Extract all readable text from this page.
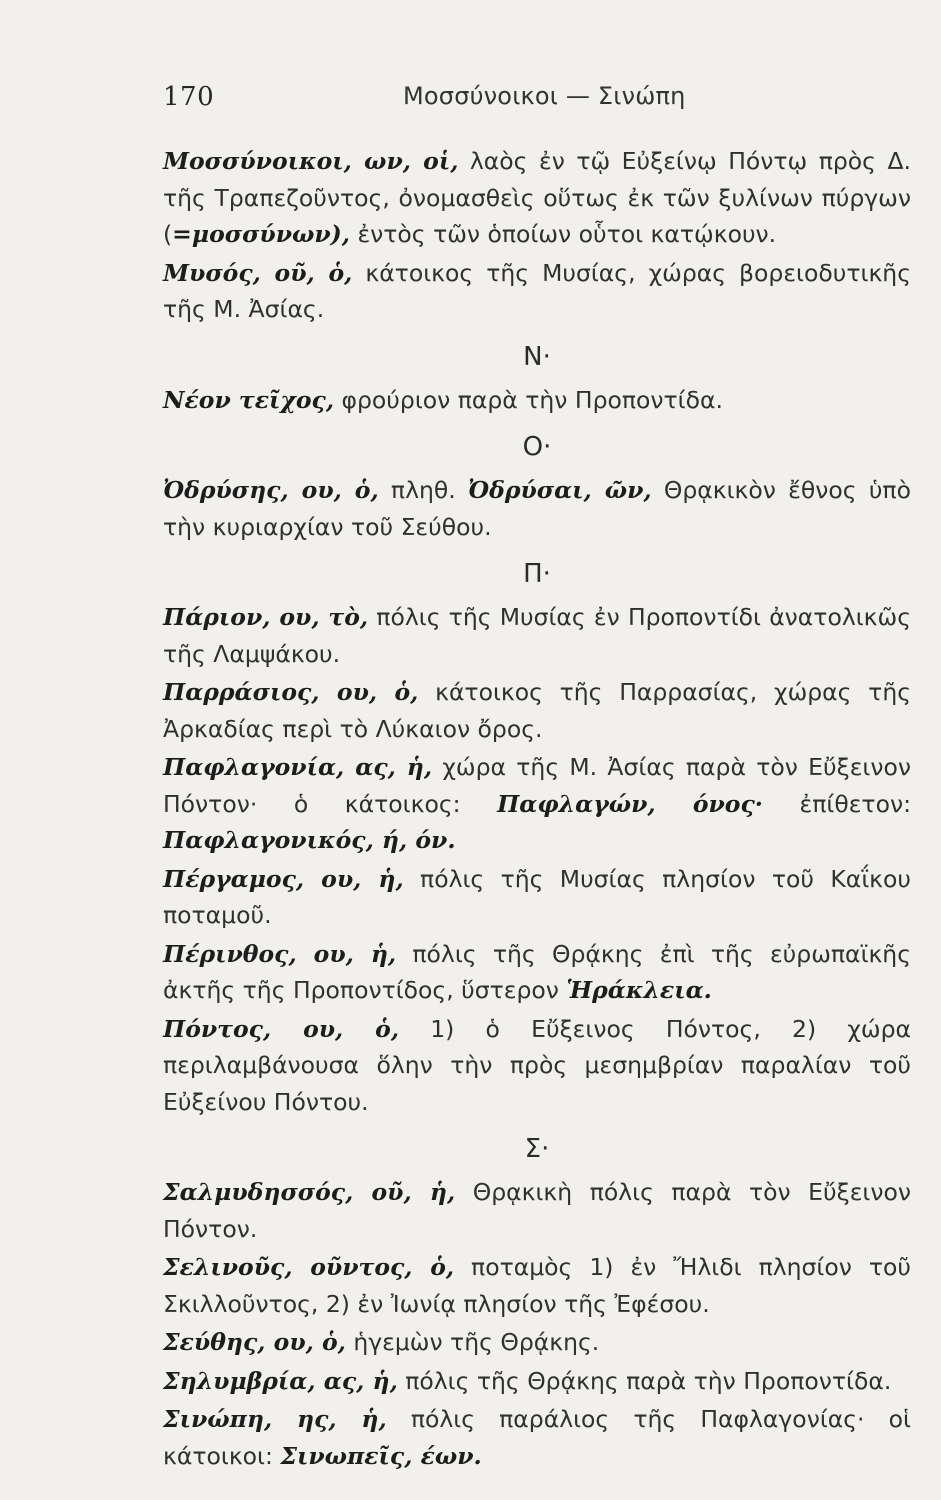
170	Μοσσύνοικοι — Σινώπη

Μοσσύνοικοι, ων, οἱ, λαὸς ἐν τῷ Εὐξείνῳ Πόντῳ πρὸς Δ. τῆς Τραπεζοῦντος, ὀνομασθεὶς οὕτως ἐκ τῶν ξυλίνων πύργων (=μοσσύνων), ἐντὸς τῶν ὁποίων οὗτοι κατῴκουν.

Μυσός, οῦ, ὁ, κάτοικος τῆς Μυσίας, χώρας βορειοδυτικῆς τῆς Μ. Ἀσίας.

Ν·

Νέον τεῖχος, φρούριον παρὰ τὴν Προποντίδα.

Ο·

Ὀδρύσης, ου, ὁ, πληθ. Ὀδρύσαι, ῶν, Θρᾳκικὸν ἔθνος ὑπὸ τὴν κυριαρχίαν τοῦ Σεύθου.

Π·

Πάριον, ου, τὸ, πόλις τῆς Μυσίας ἐν Προποντίδι ἀνατολικῶς τῆς Λαμψάκου.

Παρράσιος, ου, ὁ, κάτοικος τῆς Παρρασίας, χώρας τῆς Ἀρκαδίας περὶ τὸ Λύκαιον ὄρος.

Παφλαγονία, ας, ἡ, χώρα τῆς Μ. Ἀσίας παρὰ τὸν Εὔξεινον Πόντον· ὁ κάτοικος: Παφλαγών, όνος· ἐπίθετον: Παφλαγονικός, ή, όν.

Πέργαμος, ου, ἡ, πόλις τῆς Μυσίας πλησίον τοῦ Καΐκου ποταμοῦ.

Πέρινθος, ου, ἡ, πόλις τῆς Θρᾴκης ἐπὶ τῆς εὐρωπαϊκῆς ἀκτῆς τῆς Προποντίδος, ὕστερον Ἡράκλεια.

Πόντος, ου, ὁ, 1) ὁ Εὔξεινος Πόντος, 2) χώρα περιλαμβάνουσα ὅλην τὴν πρὸς μεσημβρίαν παραλίαν τοῦ Εὐξείνου Πόντου.

Σ·

Σαλμυδησσός, οῦ, ἡ, Θρᾳκικὴ πόλις παρὰ τὸν Εὔξεινον Πόντον.

Σελινοῦς, οῦντος, ὁ, ποταμὸς 1) ἐν Ἤλιδι πλησίον τοῦ Σκιλλοῦντος, 2) ἐν Ἰωνίᾳ πλησίον τῆς Ἐφέσου.

Σεύθης, ου, ὁ, ἡγεμὼν τῆς Θρᾴκης.

Σηλυμβρία, ας, ἡ, πόλις τῆς Θρᾴκης παρὰ τὴν Προποντίδα.

Σινώπη, ης, ἡ, πόλις παράλιος τῆς Παφλαγονίας· οἱ κάτοικοι: Σινωπεῖς, έων.
